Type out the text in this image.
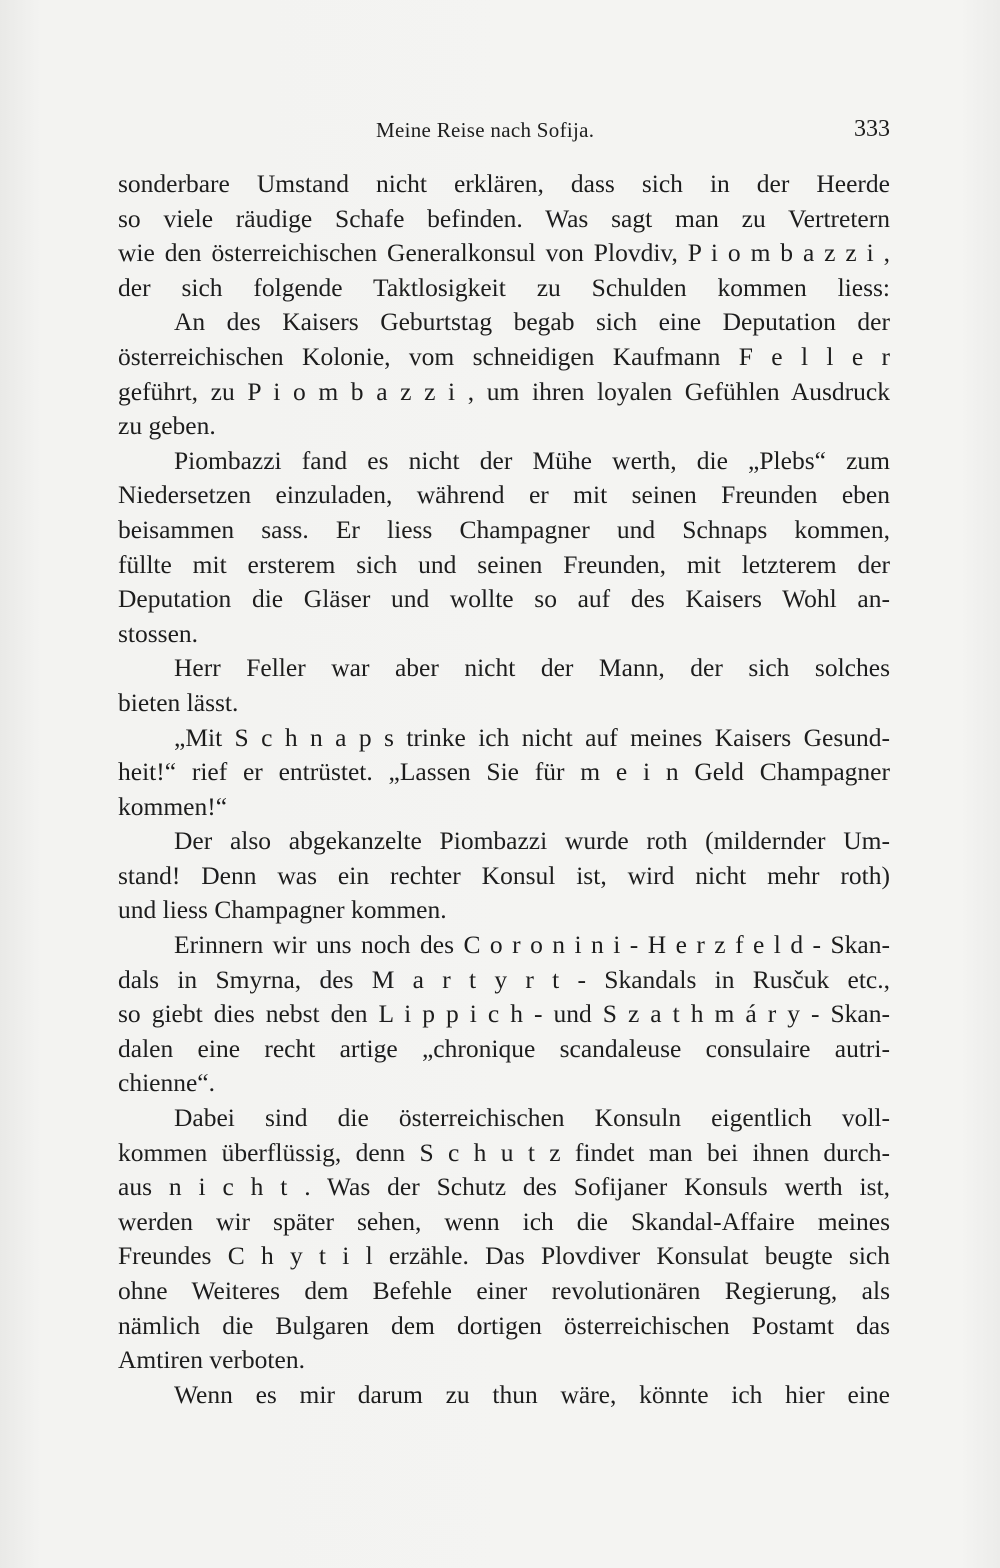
Meine Reise nach Sofija.	333
sonderbare Umstand nicht erklären, dass sich in der Heerde
so viele räudige Schafe befinden. Was sagt man zu Vertretern
wie den österreichischen Generalkonsul von Plovdiv, P i o m b a z z i ,
der sich folgende Taktlosigkeit zu Schulden kommen liess:
An des Kaisers Geburtstag begab sich eine Deputation der
österreichischen Kolonie, vom schneidigen Kaufmann F e l l e r
geführt, zu P i o m b a z z i , um ihren loyalen Gefühlen Ausdruck
zu geben.
Piombazzi fand es nicht der Mühe werth, die „Plebs“ zum
Niedersetzen einzuladen, während er mit seinen Freunden eben
beisammen sass. Er liess Champagner und Schnaps kommen,
füllte mit ersterem sich und seinen Freunden, mit letzterem der
Deputation die Gläser und wollte so auf des Kaisers Wohl an-
stossen.
Herr Feller war aber nicht der Mann, der sich solches
bieten lässt.
„Mit S c h n a p s trinke ich nicht auf meines Kaisers Gesund-
heit!“ rief er entrüstet. „Lassen Sie für m e i n Geld Champagner
kommen!“
Der also abgekanzelte Piombazzi wurde roth (mildernder Um-
stand! Denn was ein rechter Konsul ist, wird nicht mehr roth)
und liess Champagner kommen.
Erinnern wir uns noch des C o r o n i n i - H e r z f e l d - Skan-
dals in Smyrna, des M a r t y r t - Skandals in Rusčuk etc.,
so giebt dies nebst den L i p p i c h - und S z a t h m á r y - Skan-
dalen eine recht artige „chronique scandaleuse consulaire autri-
chienne“.
Dabei sind die österreichischen Konsuln eigentlich voll-
kommen überflüssig, denn S c h u t z findet man bei ihnen durch-
aus n i c h t . Was der Schutz des Sofijaner Konsuls werth ist,
werden wir später sehen, wenn ich die Skandal-Affaire meines
Freundes C h y t i l erzähle. Das Plovdiver Konsulat beugte sich
ohne Weiteres dem Befehle einer revolutionären Regierung, als
nämlich die Bulgaren dem dortigen österreichischen Postamt das
Amtiren verboten.
Wenn es mir darum zu thun wäre, könnte ich hier eine
